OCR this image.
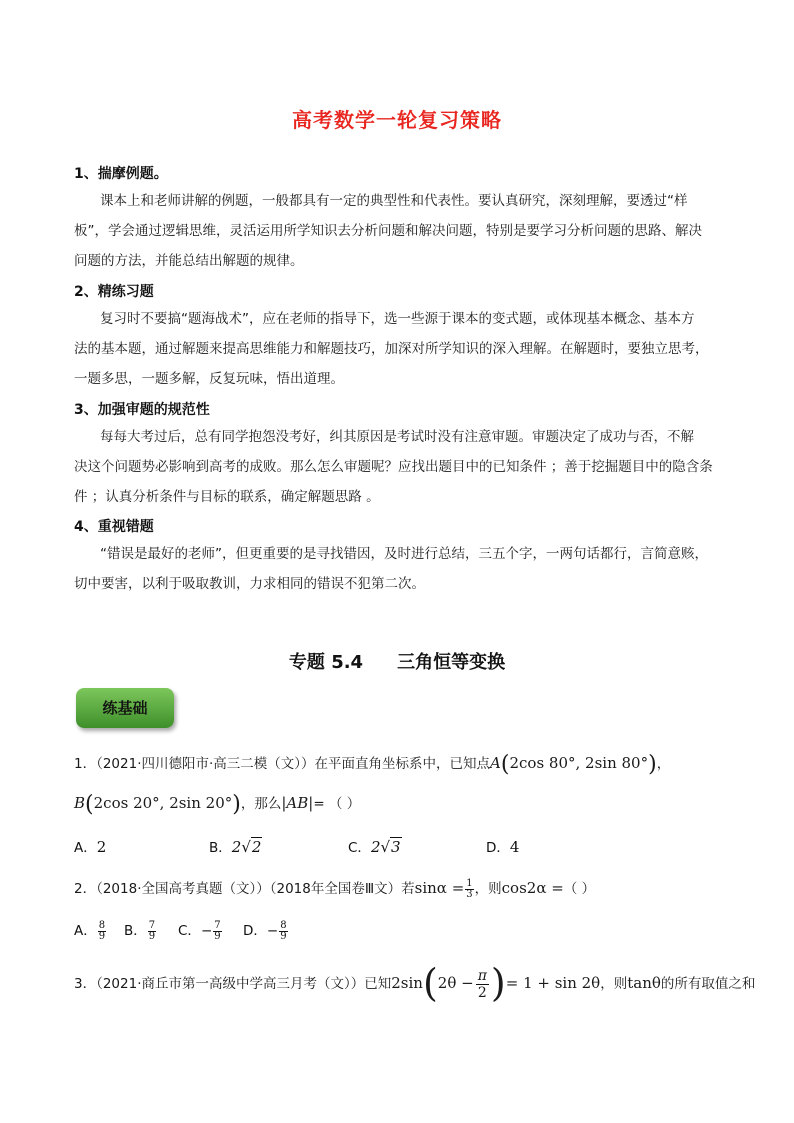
高考数学一轮复习策略
1、揣摩例题。
课本上和老师讲解的例题，一般都具有一定的典型性和代表性。要认真研究，深刻理解，要透过“样
板”，学会通过逻辑思维，灵活运用所学知识去分析问题和解决问题，特别是要学习分析问题的思路、解决
问题的方法，并能总结出解题的规律。
2、精练习题
复习时不要搞“题海战术”，应在老师的指导下，选一些源于课本的变式题，或体现基本概念、基本方
法的基本题，通过解题来提高思维能力和解题技巧，加深对所学知识的深入理解。在解题时，要独立思考，
一题多思，一题多解，反复玩味，悟出道理。
3、加强审题的规范性
每每大考过后，总有同学抱怨没考好，纠其原因是考试时没有注意审题。审题决定了成功与否，不解
决这个问题势必影响到高考的成败。那么怎么审题呢？应找出题目中的已知条件 ；善于挖掘题目中的隐含条
件 ；认真分析条件与目标的联系，确定解题思路 。
4、重视错题
“错误是最好的老师”，但更重要的是寻找错因，及时进行总结，三五个字，一两句话都行，言简意赅，
切中要害，以利于吸取教训，力求相同的错误不犯第二次。
专题 5.4 三角恒等变换
练基础
1．（2021·四川德阳市·高三二模（文））在平面直角坐标系中，已知点A(2cos 80°, 2sin 80°)，
B(2cos 20°, 2sin 20°)，那么|AB|= （ ）
A．2	B．2√2	C．2√3	D．4
2．（2018·全国高考真题（文））（2018年全国卷Ⅲ文）若$\sin\alpha = \frac{1}{3}$ ，则cos2α =（ ）
A． $\frac{8}{9}$ B． $\frac{7}{9}$ C．− $\frac{7}{9}$ D．− $\frac{8}{9}$
3．（2021·商丘市第一高级中学高三月考（文））已知$2\sin(2\theta - \frac{\pi}{2}$ )= 1 + sin 2θ，则tanθ的所有取值之和
